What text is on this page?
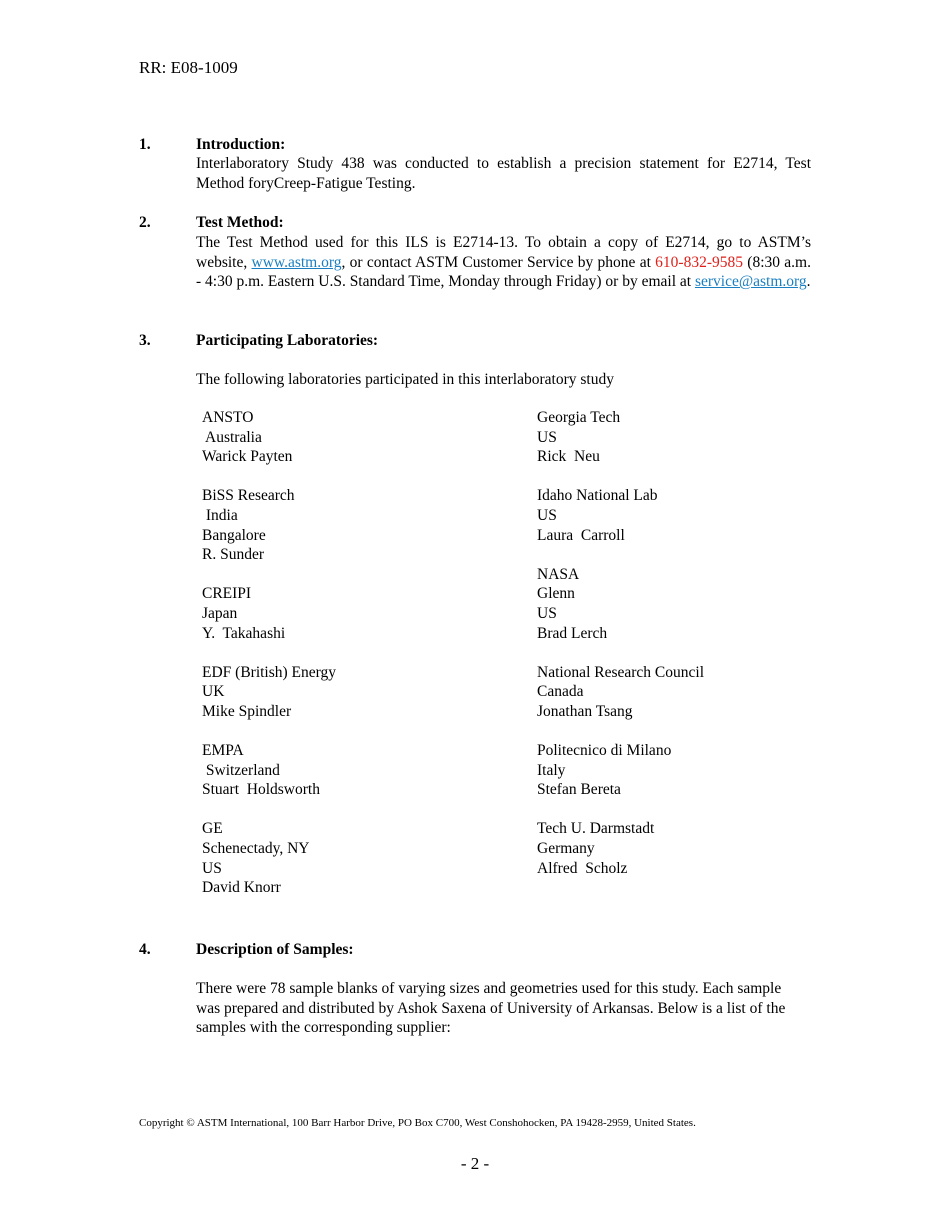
RR: E08-1009
1.	Introduction:
Interlaboratory Study 438 was conducted to establish a precision statement for E2714, Test Method foryCreep-Fatigue Testing.
2.	Test Method:
The Test Method used for this ILS is E2714-13. To obtain a copy of E2714, go to ASTM’s website, www.astm.org, or contact ASTM Customer Service by phone at 610-832-9585 (8:30 a.m. - 4:30 p.m. Eastern U.S. Standard Time, Monday through Friday) or by email at service@astm.org.
3.	Participating Laboratories:
The following laboratories participated in this interlaboratory study
ANSTO
Australia
Warick Payten
BiSS Research
India
Bangalore
R. Sunder
CREIPI
Japan
Y.  Takahashi
EDF (British) Energy
UK
Mike Spindler
EMPA
Switzerland
Stuart  Holdsworth
GE
Schenectady, NY
US
David Knorr
Georgia Tech
US
Rick  Neu
Idaho National Lab
US
Laura  Carroll
NASA
Glenn
US
Brad Lerch
National Research Council
Canada
Jonathan Tsang
Politecnico di Milano
Italy
Stefan Bereta
Tech U. Darmstadt
Germany
Alfred  Scholz
4.	Description of Samples:
There were 78 sample blanks of varying sizes and geometries used for this study. Each sample was prepared and distributed by Ashok Saxena of University of Arkansas. Below is a list of the samples with the corresponding supplier:
Copyright © ASTM International, 100 Barr Harbor Drive, PO Box C700, West Conshohocken, PA 19428-2959, United States.
- 2 -
